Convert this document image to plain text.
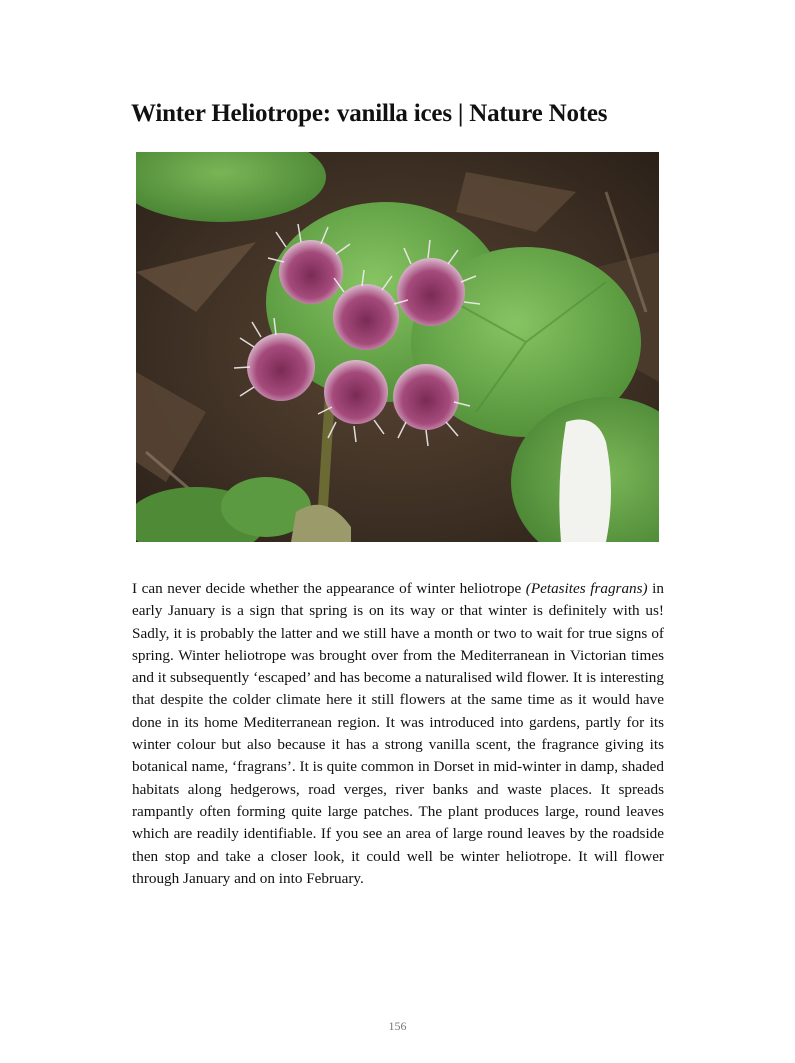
Winter Heliotrope: vanilla ices | Nature Notes

I can never decide whether the appearance of winter heliotrope (Petasites fragrans) in early January is a sign that spring is on its way or that winter is definitely with us! Sadly, it is probably the latter and we still have a month or two to wait for true signs of spring. Winter heliotrope was brought over from the Mediterranean in Victorian times and it subsequently ‘escaped’ and has become a naturalised wild flower. It is interesting that despite the colder climate here it still flowers at the same time as it would have done in its home Mediterranean region. It was introduced into gardens, partly for its winter colour but also because it has a strong vanilla scent, the fragrance giving its botanical name, ‘fragrans’. It is quite common in Dorset in mid-winter in damp, shaded habitats along hedgerows, road verges, river banks and waste places. It spreads rampantly often forming quite large patches. The plant produces large, round leaves which are readily identifiable. If you see an area of large round leaves by the roadside then stop and take a closer look, it could well be winter heliotrope. It will flower through January and on into February.

156
